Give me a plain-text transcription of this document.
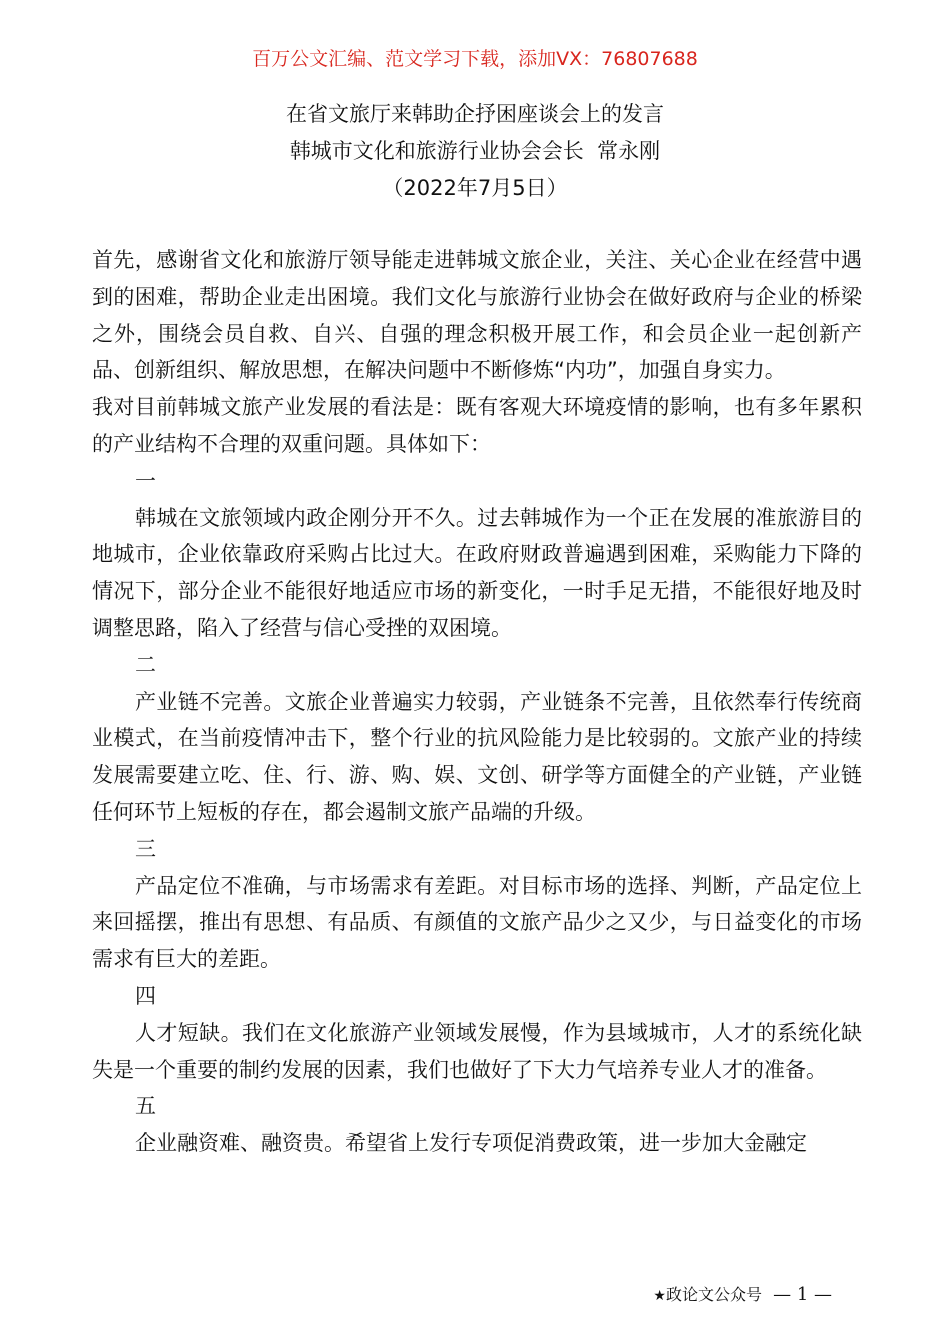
百万公文汇编、范文学习下载，添加VX：76807688
在省文旅厅来韩助企抒困座谈会上的发言
韩城市文化和旅游行业协会会长  常永刚
（2022年7月5日）

首先，感谢省文化和旅游厅领导能走进韩城文旅企业，关注、关心企业在经营中遇到的困难，帮助企业走出困境。我们文化与旅游行业协会在做好政府与企业的桥梁之外，围绕会员自救、自兴、自强的理念积极开展工作，和会员企业一起创新产品、创新组织、解放思想，在解决问题中不断修炼“内功”，加强自身实力。

我对目前韩城文旅产业发展的看法是：既有客观大环境疫情的影响，也有多年累积的产业结构不合理的双重问题。具体如下：

一

韩城在文旅领域内政企刚分开不久。过去韩城作为一个正在发展的准旅游目的地城市，企业依靠政府采购占比过大。在政府财政普遍遇到困难，采购能力下降的情况下，部分企业不能很好地适应市场的新变化，一时手足无措，不能很好地及时调整思路，陷入了经营与信心受挫的双困境。

二

产业链不完善。文旅企业普遍实力较弱，产业链条不完善，且依然奉行传统商业模式，在当前疫情冲击下，整个行业的抗风险能力是比较弱的。文旅产业的持续发展需要建立吃、住、行、游、购、娱、文创、研学等方面健全的产业链，产业链任何环节上短板的存在，都会遏制文旅产品端的升级。

三

产品定位不准确，与市场需求有差距。对目标市场的选择、判断，产品定位上来回摇摆，推出有思想、有品质、有颜值的文旅产品少之又少，与日益变化的市场需求有巨大的差距。

四

人才短缺。我们在文化旅游产业领域发展慢，作为县域城市，人才的系统化缺失是一个重要的制约发展的因素，我们也做好了下大力气培养专业人才的准备。

五

企业融资难、融资贵。希望省上发行专项促消费政策，进一步加大金融定

★政论文公众号 — 1 —
